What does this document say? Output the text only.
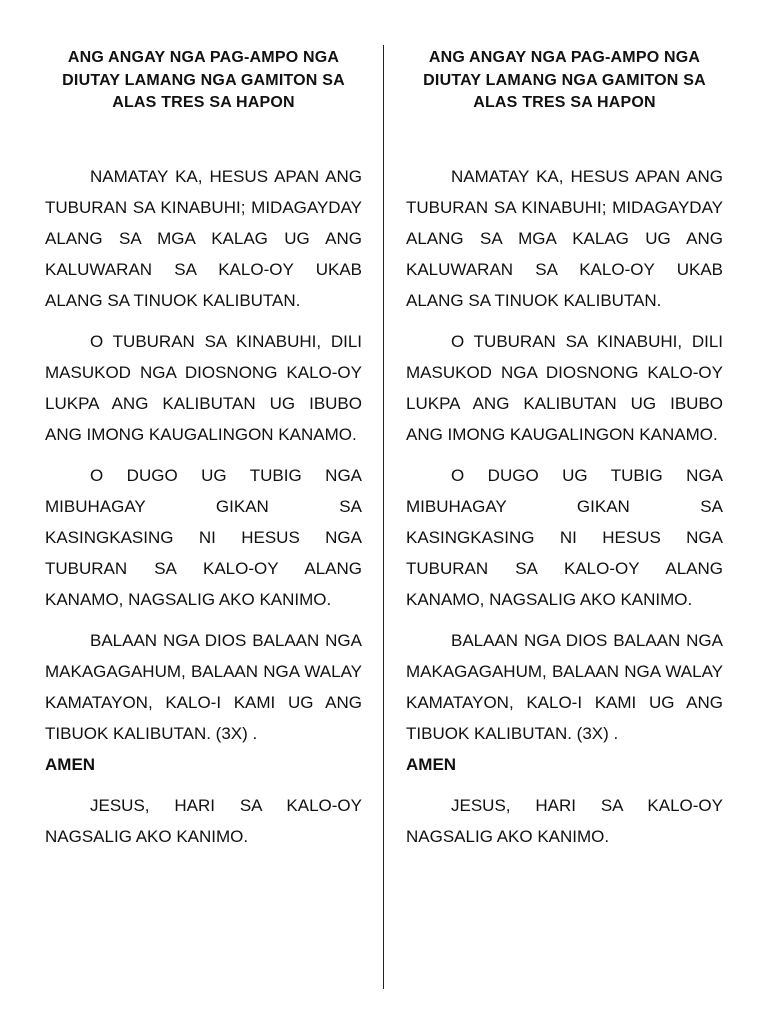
ANG ANGAY NGA PAG-AMPO NGA DIUTAY LAMANG NGA GAMITON SA ALAS TRES SA HAPON

NAMATAY KA, HESUS APAN ANG TUBURAN SA KINABUHI; MIDAGAYDAY ALANG SA MGA KALAG UG ANG KALUWARAN SA KALO-OY UKAB ALANG SA TINUOK KALIBUTAN.

O TUBURAN SA KINABUHI, DILI MASUKOD NGA DIOSNONG KALO-OY LUKPA ANG KALIBUTAN UG IBUBO ANG IMONG KAUGALINGON KANAMO.

O DUGO UG TUBIG NGA MIBUHAGAY GIKAN SA KASINGKASING NI HESUS NGA TUBURAN SA KALO-OY ALANG KANAMO, NAGSALIG AKO KANIMO.

BALAAN NGA DIOS BALAAN NGA MAKAGAGAHUM, BALAAN NGA WALAY KAMATAYON, KALO-I KAMI UG ANG TIBUOK KALIBUTAN. (3X) .
AMEN

JESUS, HARI SA KALO-OY NAGSALIG AKO KANIMO.

ANG ANGAY NGA PAG-AMPO NGA DIUTAY LAMANG NGA GAMITON SA ALAS TRES SA HAPON

NAMATAY KA, HESUS APAN ANG TUBURAN SA KINABUHI; MIDAGAYDAY ALANG SA MGA KALAG UG ANG KALUWARAN SA KALO-OY UKAB ALANG SA TINUOK KALIBUTAN.

O TUBURAN SA KINABUHI, DILI MASUKOD NGA DIOSNONG KALO-OY LUKPA ANG KALIBUTAN UG IBUBO ANG IMONG KAUGALINGON KANAMO.

O DUGO UG TUBIG NGA MIBUHAGAY GIKAN SA KASINGKASING NI HESUS NGA TUBURAN SA KALO-OY ALANG KANAMO, NAGSALIG AKO KANIMO.

BALAAN NGA DIOS BALAAN NGA MAKAGAGAHUM, BALAAN NGA WALAY KAMATAYON, KALO-I KAMI UG ANG TIBUOK KALIBUTAN. (3X) .
AMEN

JESUS, HARI SA KALO-OY NAGSALIG AKO KANIMO.
